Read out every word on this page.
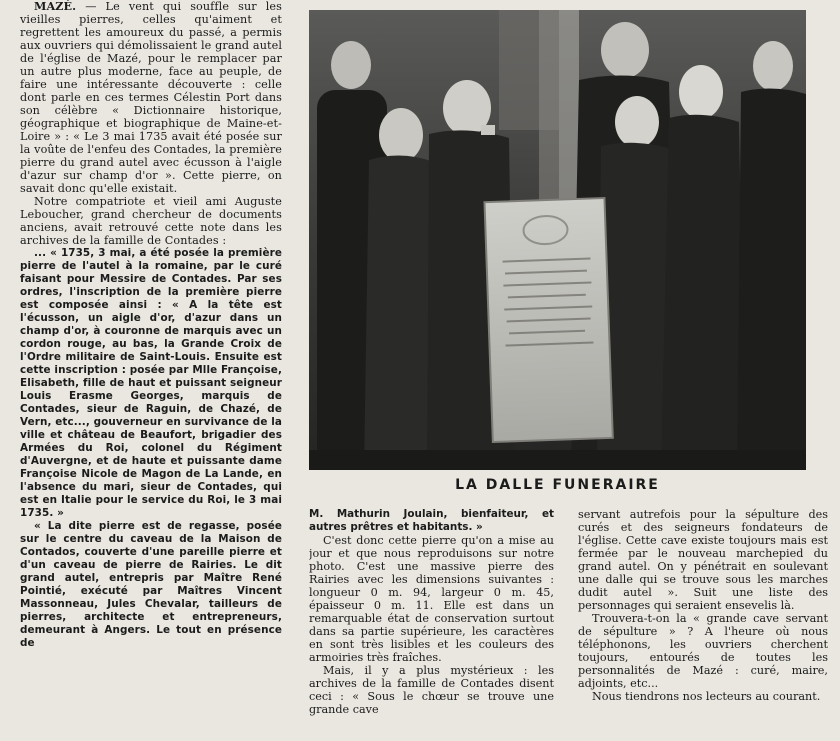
MAZÉ. — Le vent qui souffle sur les vieilles pierres, celles qu'aiment et regrettent les amoureux du passé, a permis aux ouvriers qui démolissaient le grand autel de l'église de Mazé, pour le remplacer par un autre plus moderne, face au peuple, de faire une intéressante découverte : celle dont parle en ces termes Célestin Port dans son célèbre « Dictionnaire historique, géographique et biographique de Maine-et-Loire » : « Le 3 mai 1735 avait été posée sur la voûte de l'enfeu des Contades, la première pierre du grand autel avec écusson à l'aigle d'azur sur champ d'or ». Cette pierre, on savait donc qu'elle existait.

Notre compatriote et vieil ami Auguste Leboucher, grand chercheur de documents anciens, avait retrouvé cette note dans les archives de la famille de Contades :

... « 1735, 3 mai, a été posée la première pierre de l'autel à la romaine, par le curé faisant pour Messire de Contades. Par ses ordres, l'inscription de la première pierre est composée ainsi : « A la tête est l'écusson, un aigle d'or, d'azur dans un champ d'or, à couronne de marquis avec un cordon rouge, au bas, la Grande Croix de l'Ordre militaire de Saint-Louis. Ensuite est cette inscription : posée par Mlle Françoise, Elisabeth, fille de haut et puissant seigneur Louis Erasme Georges, marquis de Contades, sieur de Raguin, de Chazé, de Vern, etc..., gouverneur en survivance de la ville et château de Beaufort, brigadier des Armées du Roi, colonel du Régiment d'Auvergne, et de haute et puissante dame Françoise Nicole de Magon de La Lande, en l'absence du mari, sieur de Contades, qui est en Italie pour le service du Roi, le 3 mai 1735. »

« La dite pierre est de regasse, posée sur le centre du caveau de la Maison de Contados, couverte d'une pareille pierre et d'un caveau de pierre de Rairies. Le dit grand autel, entrepris par Maître René Pointié, exécuté par Maîtres Vincent Massonneau, Jules Chevalar, tailleurs de pierres, architecte et entrepreneurs, demeurant à Angers. Le tout en présence de

LA DALLE FUNERAIRE

M. Mathurin Joulain, bienfaiteur, et autres prêtres et habitants. »

C'est donc cette pierre qu'on a mise au jour et que nous reproduisons sur notre photo. C'est une massive pierre des Rairies avec les dimensions suivantes : longueur 0 m. 94, largeur 0 m. 45, épaisseur 0 m. 11. Elle est dans un remarquable état de conservation surtout dans sa partie supérieure, les caractères en sont très lisibles et les couleurs des armoiries très fraîches.

Mais, il y a plus mystérieux : les archives de la famille de Contades disent ceci : « Sous le chœur se trouve une grande cave

servant autrefois pour la sépulture des curés et des seigneurs fondateurs de l'église. Cette cave existe toujours mais est fermée par le nouveau marchepied du grand autel. On y pénétrait en soulevant une dalle qui se trouve sous les marches dudit autel ». Suit une liste des personnages qui seraient ensevelis là.

Trouvera-t-on la « grande cave servant de sépulture » ? A l'heure où nous téléphonons, les ouvriers cherchent toujours, entourés de toutes les personnalités de Mazé : curé, maire, adjoints, etc...

Nous tiendrons nos lecteurs au courant.
